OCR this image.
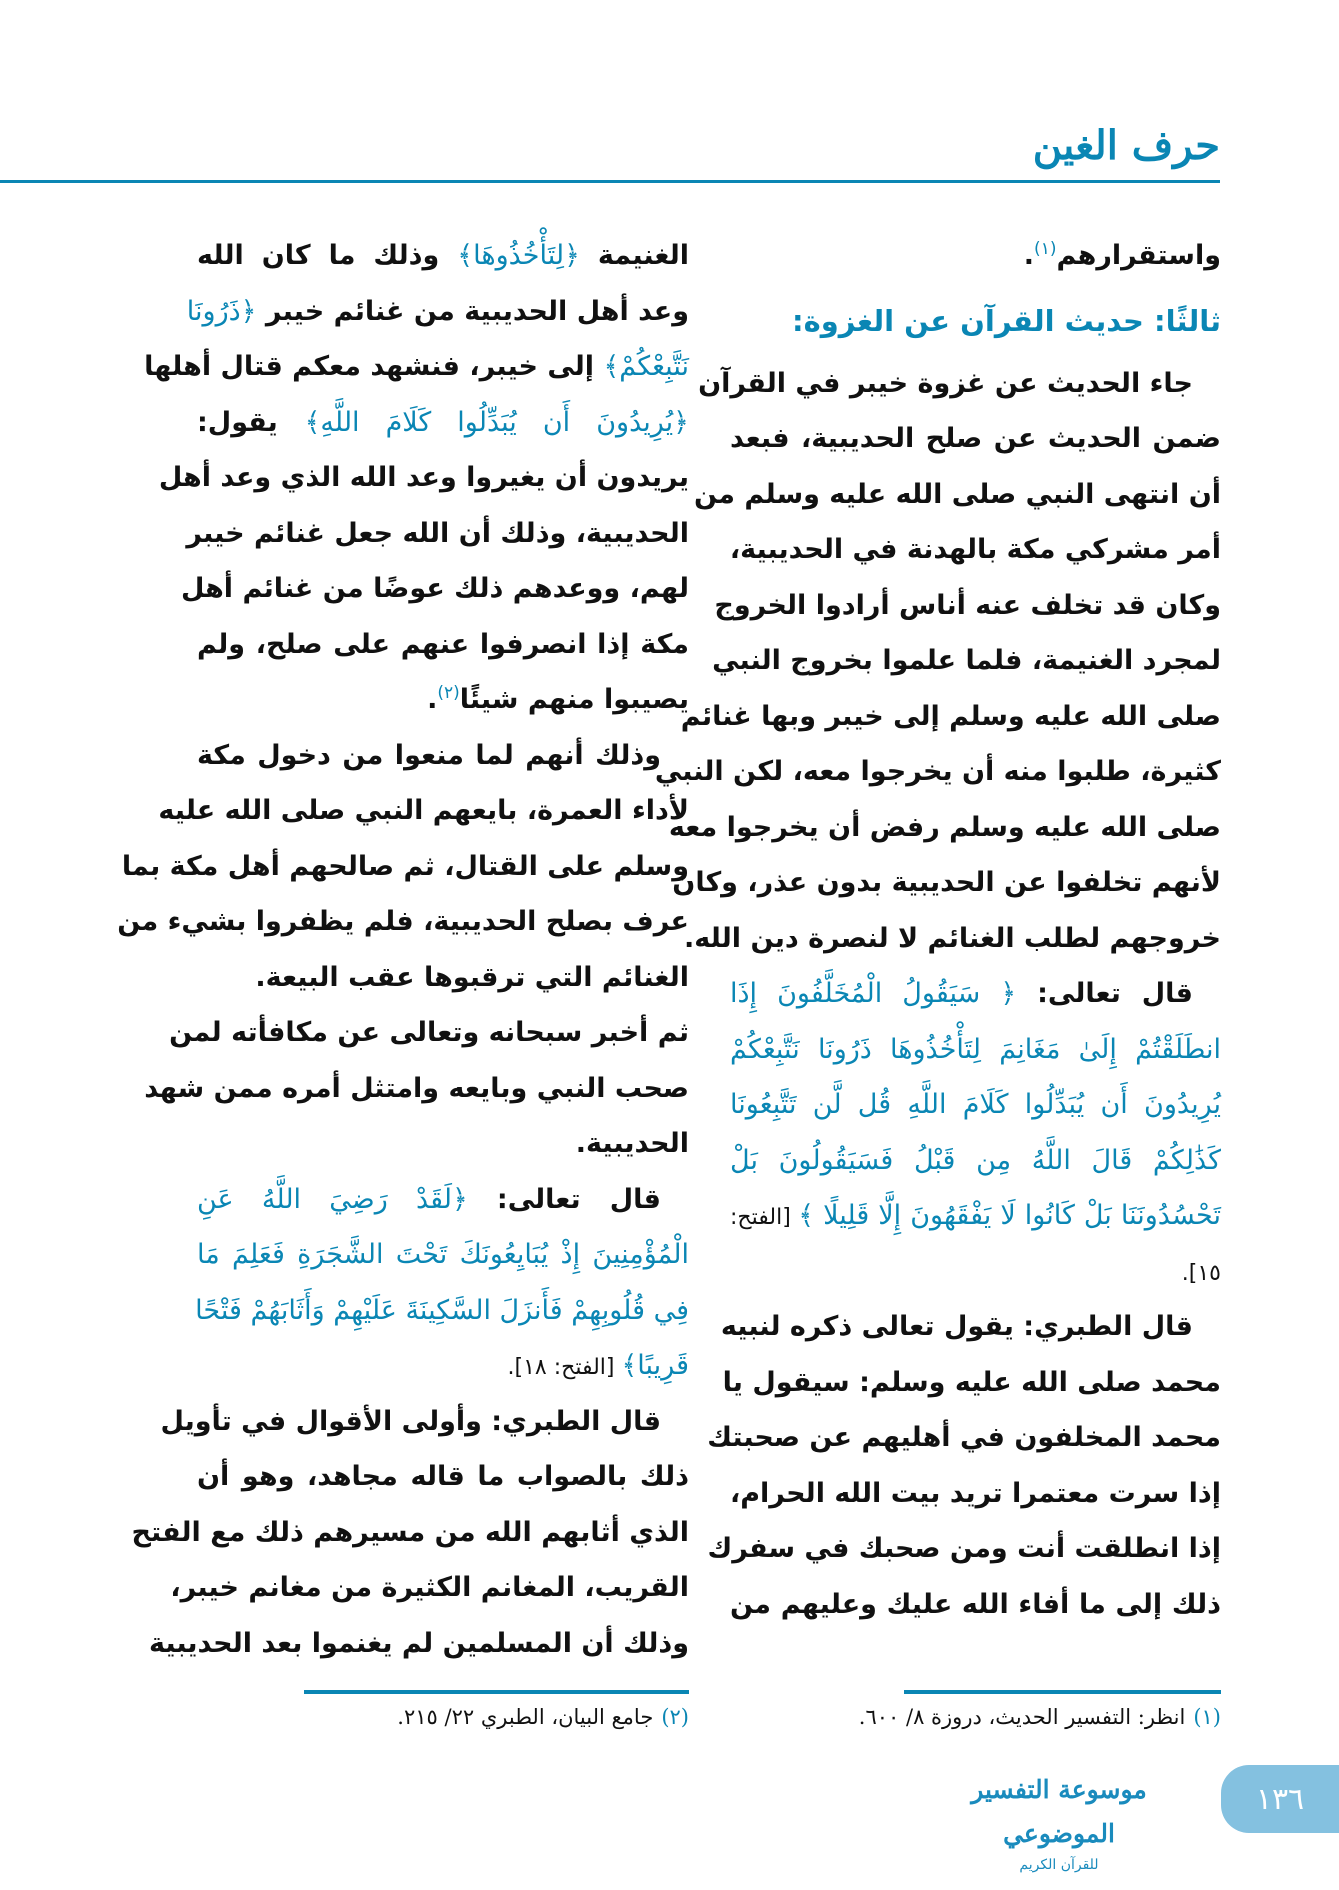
حرف الغين
واستقرارهم$^{(١)}$.
ثالثًا: حديث القرآن عن الغزوة:
جاء الحديث عن غزوة خيبر في القرآن
ضمن الحديث عن صلح الحديبية، فبعد
أن انتهى النبي صلى الله عليه وسلم من
أمر مشركي مكة بالهدنة في الحديبية،
وكان قد تخلف عنه أناس أرادوا الخروج
لمجرد الغنيمة، فلما علموا بخروج النبي
صلى الله عليه وسلم إلى خيبر وبها غنائم
كثيرة، طلبوا منه أن يخرجوا معه، لكن النبي
صلى الله عليه وسلم رفض أن يخرجوا معه
لأنهم تخلفوا عن الحديبية بدون عذر، وكان
خروجهم لطلب الغنائم لا لنصرة دين الله.
قال تعالى: ﴿ سَيَقُولُ الْمُخَلَّفُونَ إِذَا
انطَلَقْتُمْ إِلَىٰ مَغَانِمَ لِتَأْخُذُوهَا ذَرُونَا نَتَّبِعْكُمْ
يُرِيدُونَ أَن يُبَدِّلُوا كَلَامَ اللَّهِ قُل لَّن تَتَّبِعُونَا
كَذَٰلِكُمْ قَالَ اللَّهُ مِن قَبْلُ فَسَيَقُولُونَ بَلْ
تَحْسُدُونَنَا بَلْ كَانُوا لَا يَفْقَهُونَ إِلَّا قَلِيلًا ﴾ [الفتح:
١٥].
قال الطبري: يقول تعالى ذكره لنبيه
محمد صلى الله عليه وسلم: سيقول يا
محمد المخلفون في أهليهم عن صحبتك
إذا سرت معتمرا تريد بيت الله الحرام،
إذا انطلقت أنت ومن صحبك في سفرك
ذلك إلى ما أفاء الله عليك وعليهم من
الغنيمة ﴿لِتَأْخُذُوهَا﴾ وذلك ما كان الله
وعد أهل الحديبية من غنائم خيبر ﴿ذَرُونَا
نَتَّبِعْكُمْ﴾ إلى خيبر، فنشهد معكم قتال أهلها
﴿يُرِيدُونَ أَن يُبَدِّلُوا كَلَامَ اللَّهِ﴾ يقول:
يريدون أن يغيروا وعد الله الذي وعد أهل
الحديبية، وذلك أن الله جعل غنائم خيبر
لهم، ووعدهم ذلك عوضًا من غنائم أهل
مكة إذا انصرفوا عنهم على صلح، ولم
يصيبوا منهم شيئًا$^{(٢)}$.
وذلك أنهم لما منعوا من دخول مكة
لأداء العمرة، بايعهم النبي صلى الله عليه
وسلم على القتال، ثم صالحهم أهل مكة بما
عرف بصلح الحديبية، فلم يظفروا بشيء من
الغنائم التي ترقبوها عقب البيعة.
ثم أخبر سبحانه وتعالى عن مكافأته لمن
صحب النبي وبايعه وامتثل أمره ممن شهد
الحديبية.
قال تعالى: ﴿لَقَدْ رَضِيَ اللَّهُ عَنِ
الْمُؤْمِنِينَ إِذْ يُبَايِعُونَكَ تَحْتَ الشَّجَرَةِ فَعَلِمَ مَا
فِي قُلُوبِهِمْ فَأَنزَلَ السَّكِينَةَ عَلَيْهِمْ وَأَثَابَهُمْ فَتْحًا
قَرِيبًا﴾ [الفتح: ١٨].
قال الطبري: وأولى الأقوال في تأويل
ذلك بالصواب ما قاله مجاهد، وهو أن
الذي أثابهم الله من مسيرهم ذلك مع الفتح
القريب، المغانم الكثيرة من مغانم خيبر،
وذلك أن المسلمين لم يغنموا بعد الحديبية
(١)انظر: التفسير الحديث، دروزة ٨/ ٦٠٠.
(٢)جامع البيان، الطبري ٢٢/ ٢١٥.
موسوعة التفسير الموضوعي
للقرآن الكريم
١٣٦
